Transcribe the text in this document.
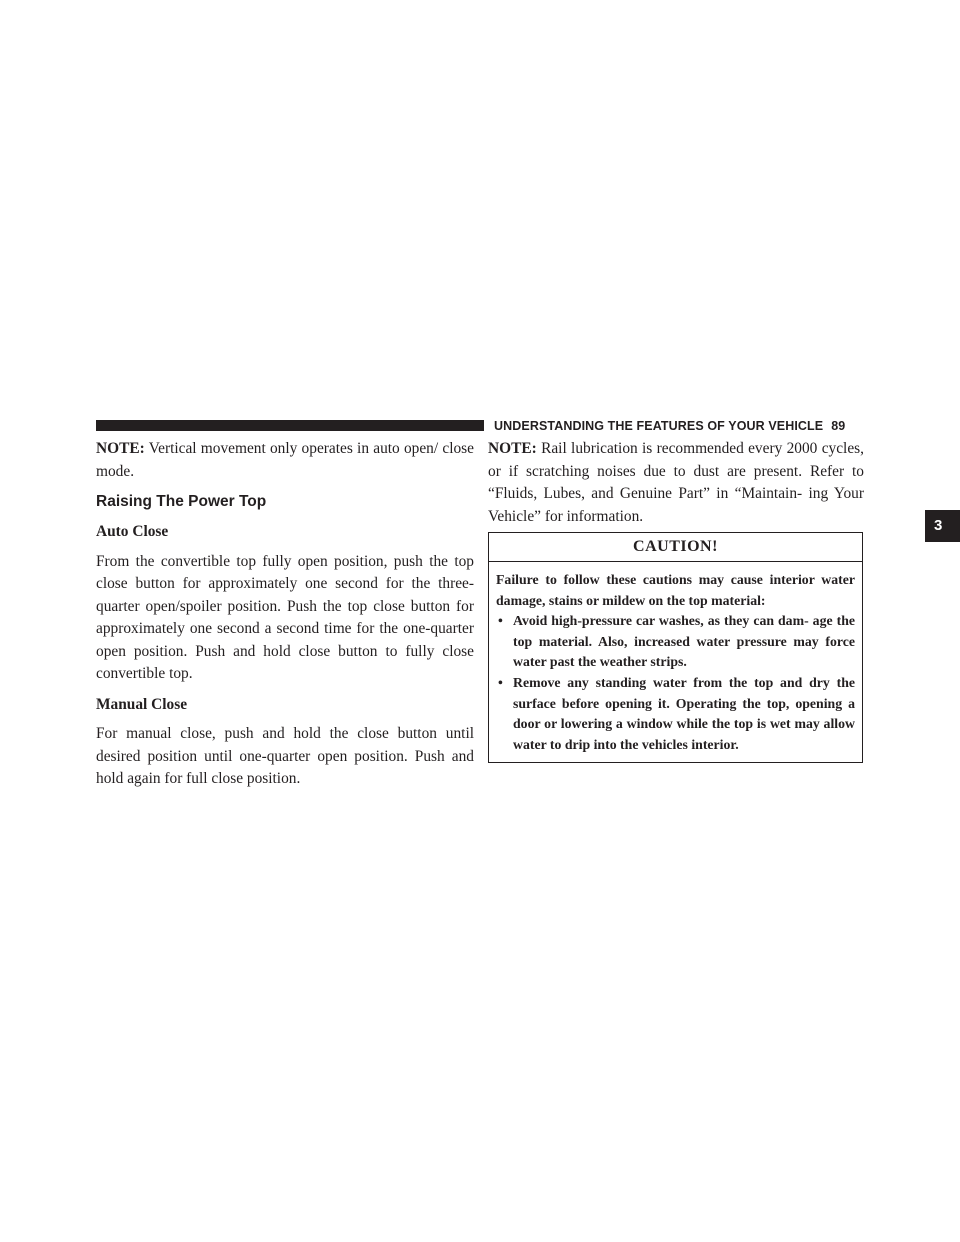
UNDERSTANDING THE FEATURES OF YOUR VEHICLE 89
3

NOTE: Vertical movement only operates in auto open/ close mode.

Raising The Power Top
Auto Close

From the convertible top fully open position, push the top close button for approximately one second for the three-quarter open/spoiler position. Push the top close button for approximately one second a second time for the one-quarter open position. Push and hold close button to fully close convertible top.

Manual Close

For manual close, push and hold the close button until desired position until one-quarter open position. Push and hold again for full close position.

NOTE: Rail lubrication is recommended every 2000 cycles, or if scratching noises due to dust are present. Refer to “Fluids, Lubes, and Genuine Part” in “Maintain- ing Your Vehicle” for information.

CAUTION!

Failure to follow these cautions may cause interior water damage, stains or mildew on the top material:

• Avoid high-pressure car washes, as they can dam- age the top material. Also, increased water pressure may force water past the weather strips.
• Remove any standing water from the top and dry the surface before opening it. Operating the top, opening a door or lowering a window while the top is wet may allow water to drip into the vehicles interior.
